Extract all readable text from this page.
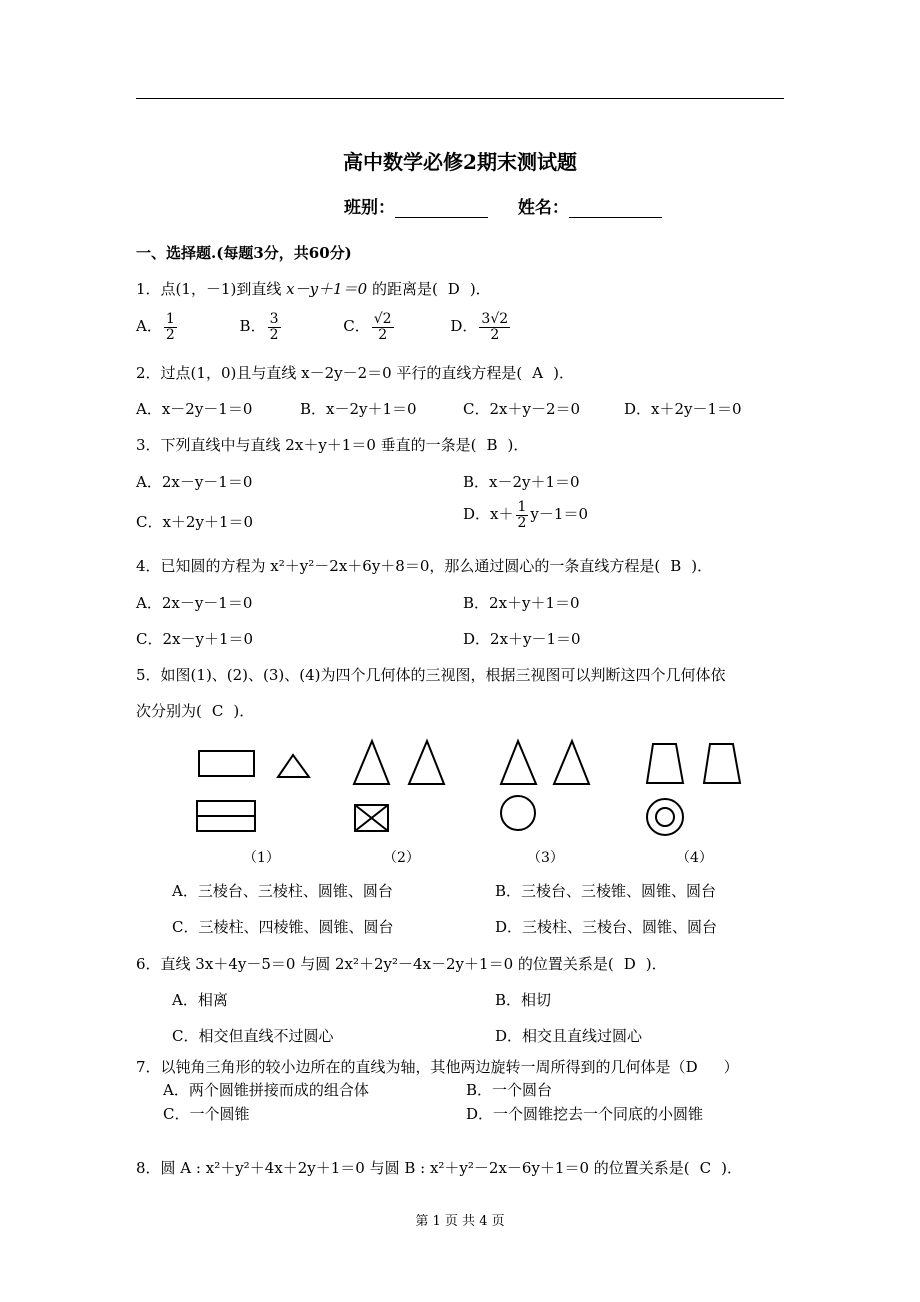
高中数学必修2期末测试题
班别：	姓名：
一、选择题.(每题3分，共60分)
1．点(1，－1)到直线 x－y＋1＝0 的距离是( D )．
A． $\frac{1}{2}$	B． $\frac{3}{2}$	C． $\frac{√2}{2}$	D． $\frac{3√2}{2}$
2．过点(1，0)且与直线 x－2y－2＝0 平行的直线方程是( A )．
A．x－2y－1＝0	B．x－2y＋1＝0	C．2x＋y－2＝0	D．x＋2y－1＝0
3．下列直线中与直线 2x＋y＋1＝0 垂直的一条是( B )．
A．2x－y－1＝0	B．x－2y＋1＝0
C．x＋2y＋1＝0	D．$x+ \frac{1}{2} y-1=0$
4．已知圆的方程为 x²＋y²－2x＋6y＋8＝0，那么通过圆心的一条直线方程是( B )．
A．2x－y－1＝0	B．2x＋y＋1＝0
C．2x－y＋1＝0	D．2x＋y－1＝0
5．如图(1)、(2)、(3)、(4)为四个几何体的三视图，根据三视图可以判断这四个几何体依
次分别为( C )．
（1）	（2）	（3）	（4）
A．三棱台、三棱柱、圆锥、圆台	B．三棱台、三棱锥、圆锥、圆台
C．三棱柱、四棱锥、圆锥、圆台	D．三棱柱、三棱台、圆锥、圆台
6．直线 3x＋4y－5＝0 与圆 2x²＋2y²－4x－2y＋1＝0 的位置关系是( D )．
A．相离	B．相切
C．相交但直线不过圆心	D．相交且直线过圆心
7．以钝角三角形的较小边所在的直线为轴，其他两边旋转一周所得到的几何体是（D ）
A．两个圆锥拼接而成的组合体	B．一个圆台
C．一个圆锥	D．一个圆锥挖去一个同底的小圆锥
8．圆 A : x²＋y²＋4x＋2y＋1＝0 与圆 B : x²＋y²－2x－6y＋1＝0 的位置关系是( C )．
第 1 页 共 4 页
